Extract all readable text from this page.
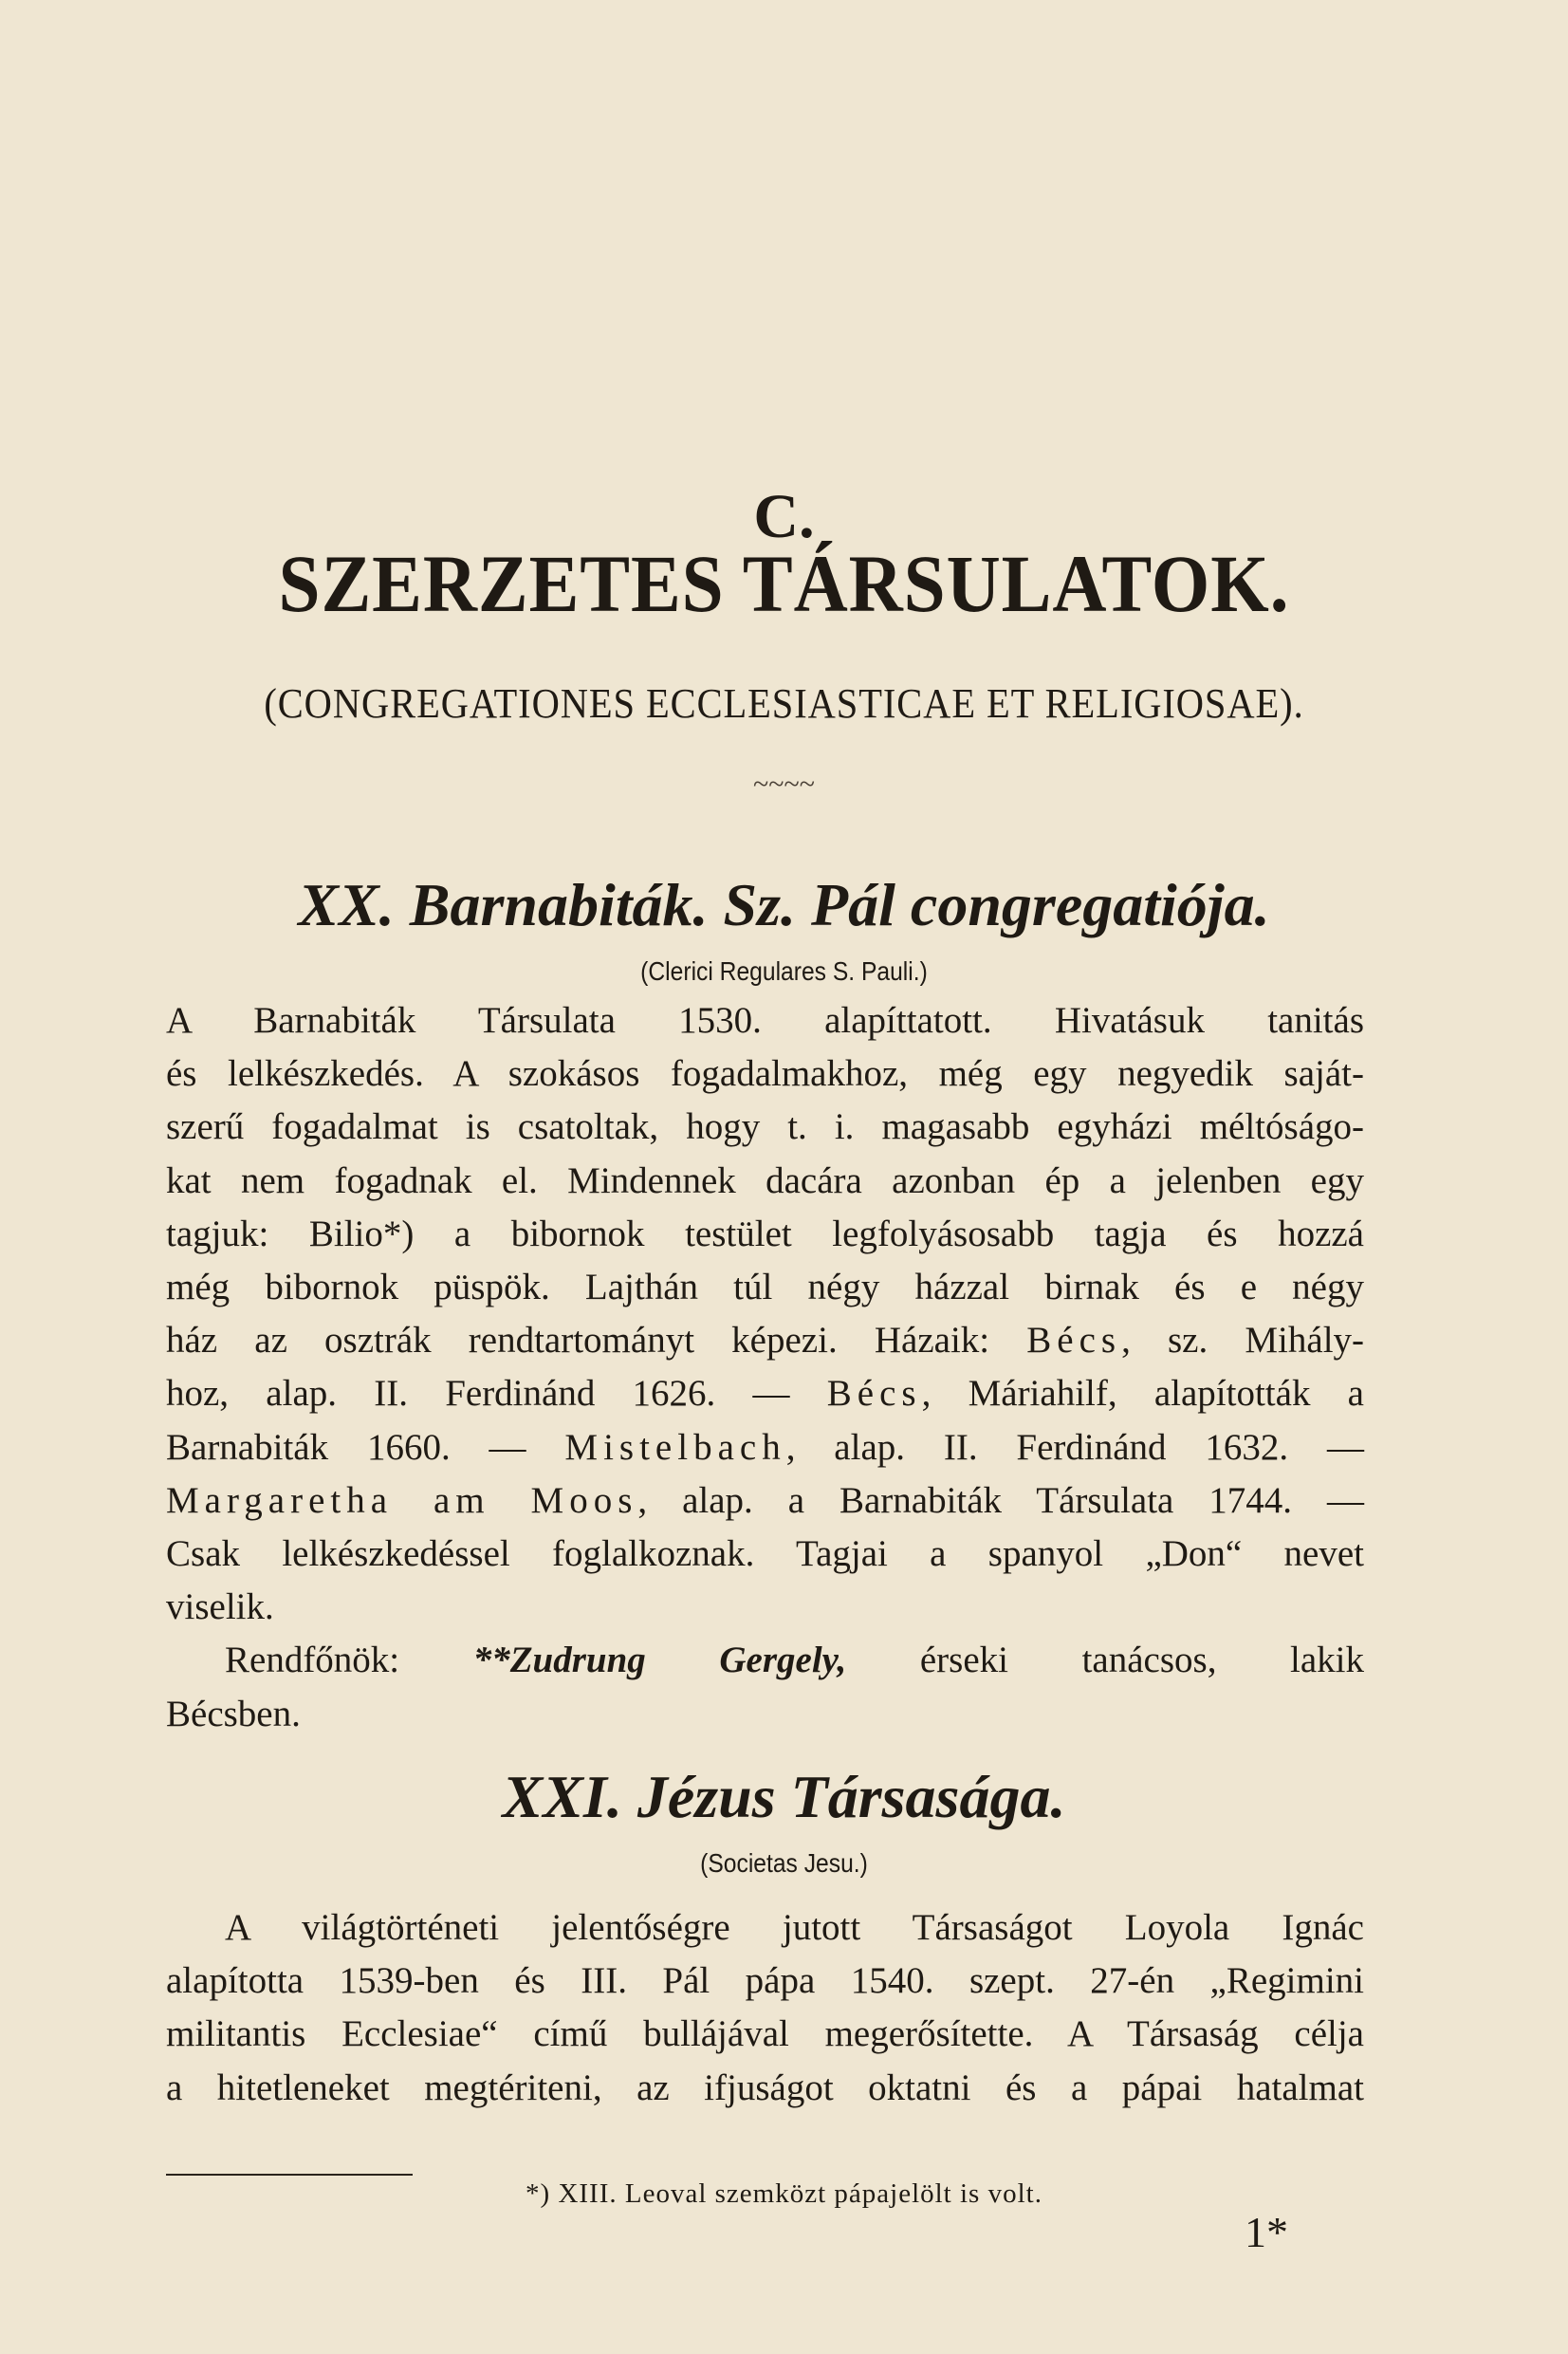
C.
SZERZETES TÁRSULATOK.
(CONGREGATIONES ECCLESIASTICAE ET RELIGIOSAE).
~~~~
XX. Barnabiták. Sz. Pál congregatiója.
(Clerici Regulares S. Pauli.)
A Barnabiták Társulata 1530. alapíttatott. Hivatásuk tanitás
és lelkészkedés. A szokásos fogadalmakhoz, még egy negyedik saját-
szerű fogadalmat is csatoltak, hogy t. i. magasabb egyházi méltóságo-
kat nem fogadnak el. Mindennek dacára azonban ép a jelenben egy
tagjuk: Bilio*) a bibornok testület legfolyásosabb tagja és hozzá
még bibornok püspök. Lajthán túl négy házzal birnak és e négy
ház az osztrák rendtartományt képezi. Házaik: Bécs, sz. Mihály-
hoz, alap. II. Ferdinánd 1626. — Bécs, Máriahilf, alapították a
Barnabiták 1660. — Mistelbach, alap. II. Ferdinánd 1632. —
Margaretha am Moos, alap. a Barnabiták Társulata 1744. —
Csak lelkészkedéssel foglalkoznak. Tagjai a spanyol „Don“ nevet
viselik.
Rendfőnök: **Zudrung Gergely, érseki tanácsos, lakik
Bécsben.
XXI. Jézus Társasága.
(Societas Jesu.)
A világtörténeti jelentőségre jutott Társaságot Loyola Ignác
alapította 1539-ben és III. Pál pápa 1540. szept. 27-én „Regimini
militantis Ecclesiae“ című bullájával megerősítette. A Társaság célja
a hitetleneket megtériteni, az ifjuságot oktatni és a pápai hatalmat
*) XIII. Leoval szemközt pápajelölt is volt.
1*
